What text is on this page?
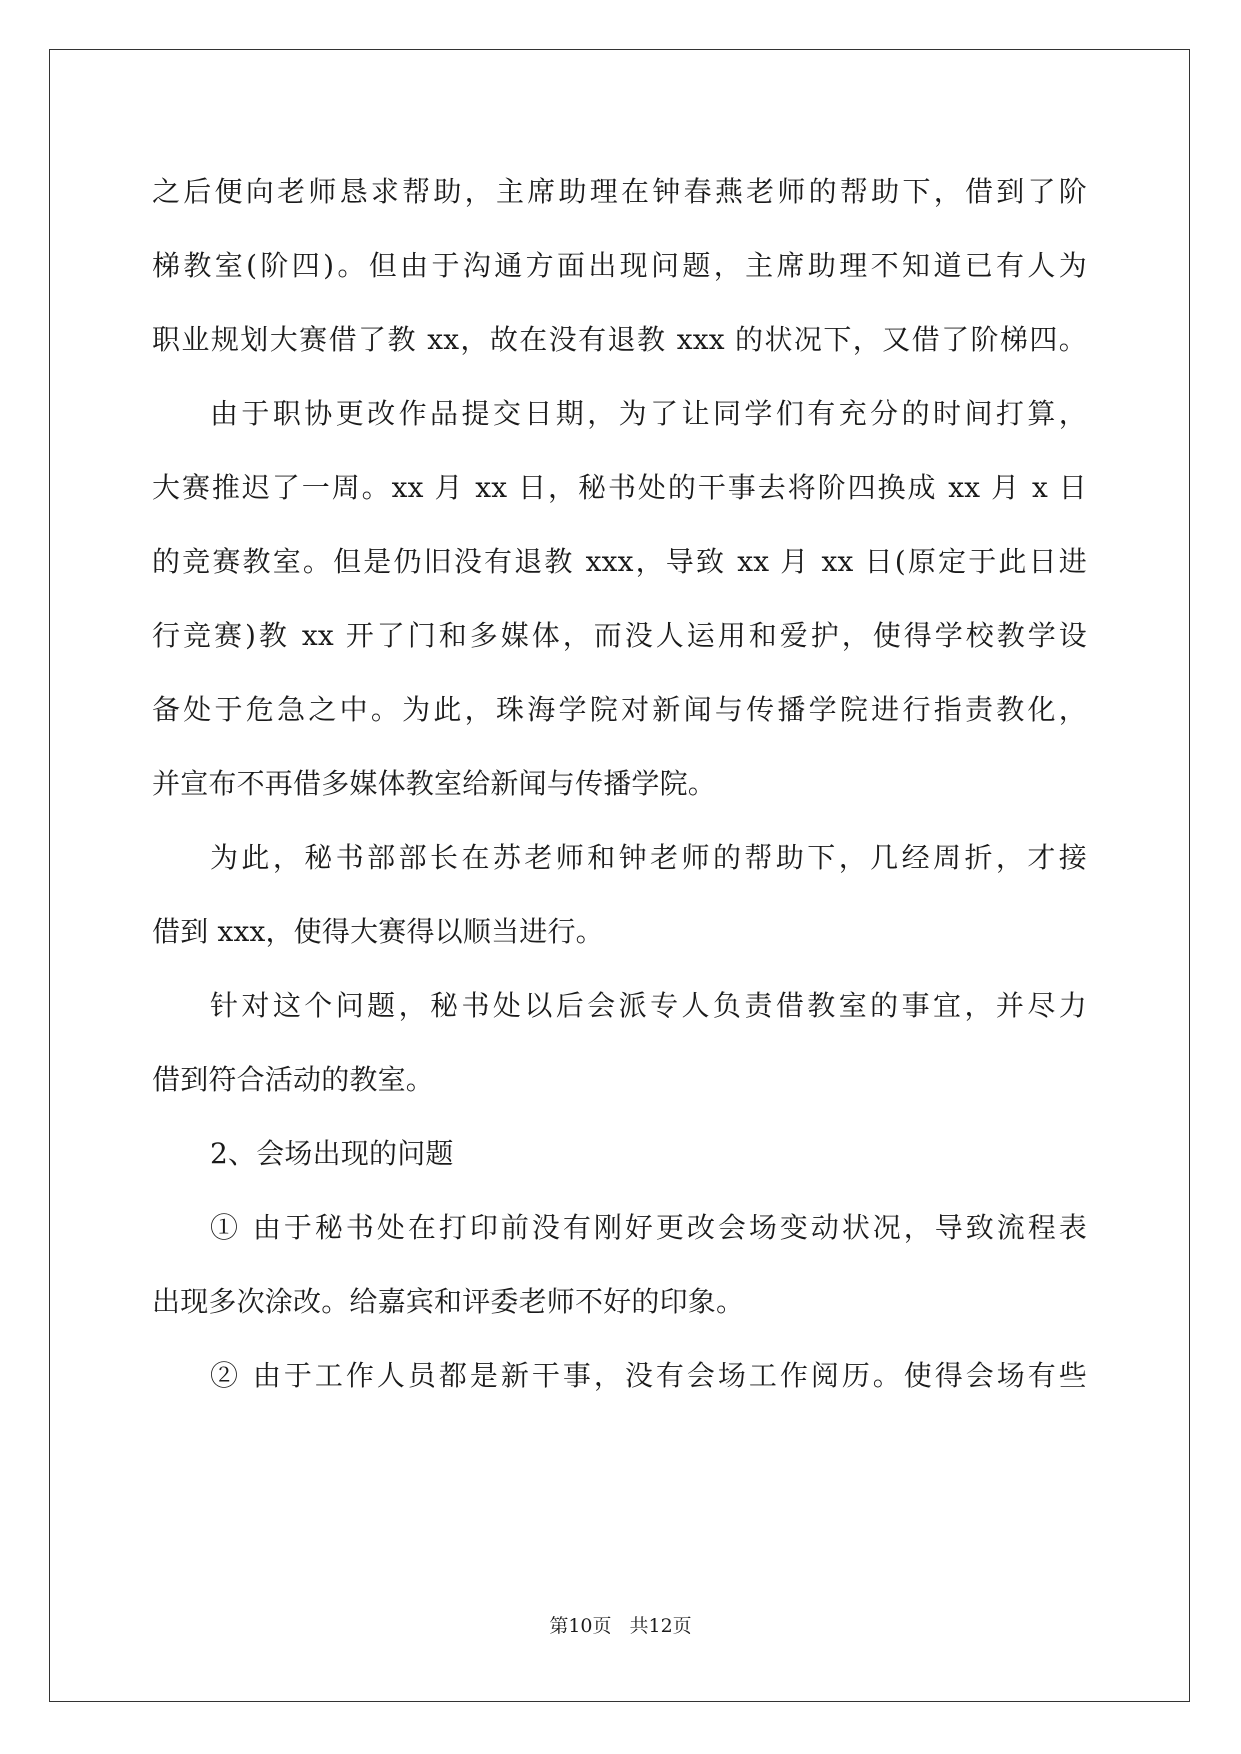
之后便向老师恳求帮助，主席助理在钟春燕老师的帮助下，借到了阶
梯教室(阶四)。但由于沟通方面出现问题，主席助理不知道已有人为
职业规划大赛借了教 xx，故在没有退教 xxx 的状况下，又借了阶梯四。
由于职协更改作品提交日期，为了让同学们有充分的时间打算，
大赛推迟了一周。xx 月 xx 日，秘书处的干事去将阶四换成 xx 月 x 日
的竞赛教室。但是仍旧没有退教 xxx，导致 xx 月 xx 日(原定于此日进
行竞赛)教 xx 开了门和多媒体，而没人运用和爱护，使得学校教学设
备处于危急之中。为此，珠海学院对新闻与传播学院进行指责教化，
并宣布不再借多媒体教室给新闻与传播学院。
为此，秘书部部长在苏老师和钟老师的帮助下，几经周折，才接
借到 xxx，使得大赛得以顺当进行。
针对这个问题，秘书处以后会派专人负责借教室的事宜，并尽力
借到符合活动的教室。
2、会场出现的问题
① 由于秘书处在打印前没有刚好更改会场变动状况，导致流程表
出现多次涂改。给嘉宾和评委老师不好的印象。
② 由于工作人员都是新干事，没有会场工作阅历。使得会场有些
第10页 共12页
